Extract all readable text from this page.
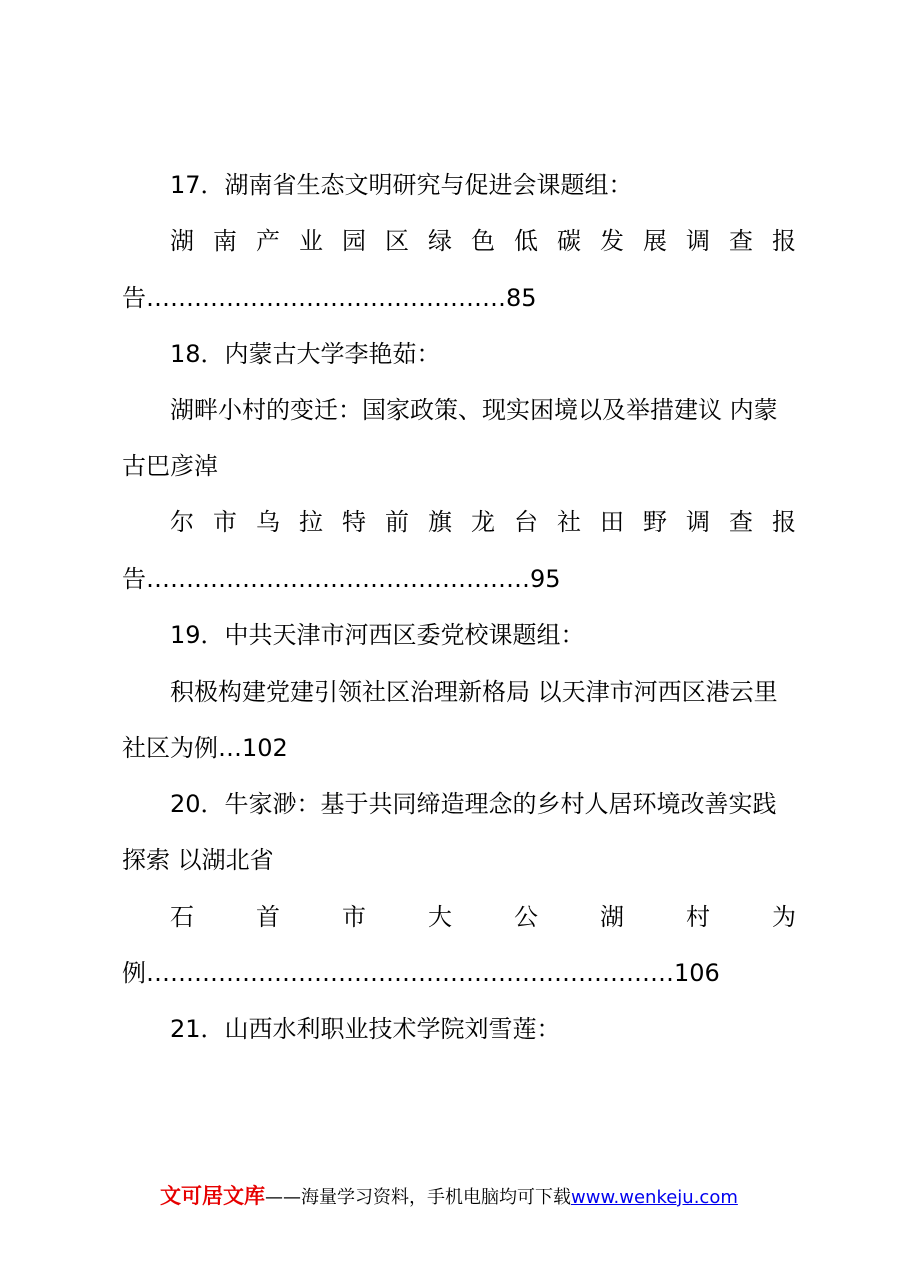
17．湖南省生态文明研究与促进会课题组：
湖 南 产 业 园 区 绿 色 低 碳 发 展 调 查 报
告………………………………………85
18．内蒙古大学李艳茹：
湖畔小村的变迁：国家政策、现实困境以及举措建议 内蒙
古巴彦淖
尔 市 乌 拉 特 前 旗 龙 台 社 田 野 调 查 报
告…………………………………………95
19．中共天津市河西区委党校课题组：
积极构建党建引领社区治理新格局 以天津市河西区港云里
社区为例…102
20．牛家渺：基于共同缔造理念的乡村人居环境改善实践
探索 以湖北省
石	首	市	大	公	湖	村	为
例…………………………………………………………106
21．山西水利职业技术学院刘雪莲：
文可居文库——海量学习资料，手机电脑均可下载www.wenkeju.com
